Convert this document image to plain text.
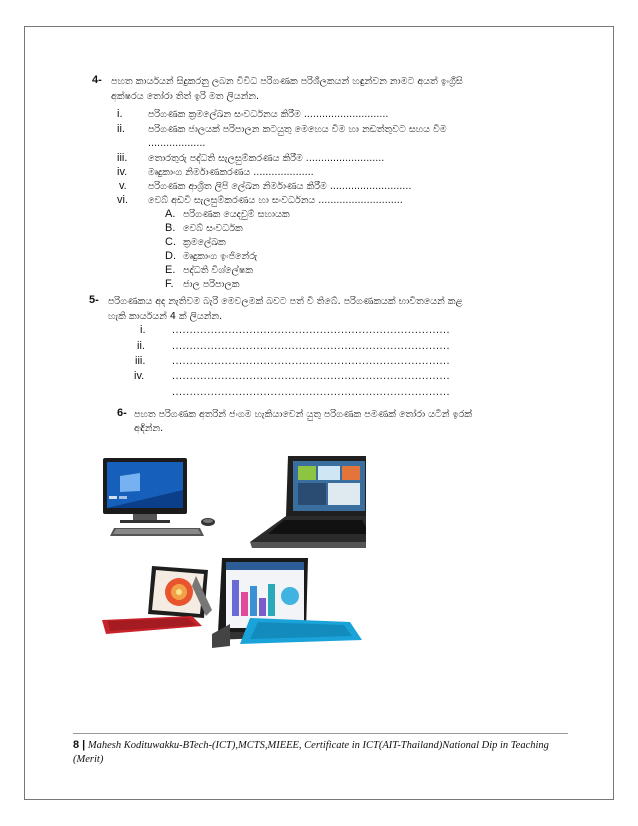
4- පහත කාර්යයන් සිදුකරනු ලබන විවිධ පරිගණක පරිශීලකයන් හඳුන්වන නාමට අයත් ඉංග්‍රීසි
අක්ෂරය තෝරා තිත් ඉරි මත ලියන්න.
i.	පරිගණක ක්‍රමලේඛන සංවර්ධනය කිරීම ............................
ii. පරිගණක ජාලයක් පරිපාලන කටයුතු මෙහෙය වීම හා නඩත්තුවට සහය වීම
...................
iii. තොරතුරු පද්ධති සැලසුම්කරණය කිරීම ..........................
iv. මෘදුකාංග නිර්මාණකරණය ....................
v. පරිගණක ආශ්‍රිත ලිපි ලේඛන නිර්මාණය කිරීම ...........................
vi. වෙබ් අඩවි සැලසුම්කරණය හා සංවර්ධනය ............................
A. පරිගණක යෙදවුම් සහායක
B. වෙබ් සංවර්ධක
C. ක්‍රමලේඛක
D. මෘදුකාංග ඉංජිනේරු
E. පද්ධති විශ්ලේෂක
F. ජාල පරිපාලක
5- පරිගණකය අද නැතිවම බැරි මෙවලමක් බවට පත් වී තිබේ. පරිගණකයක් භාවිතයෙන් කළ
හැකි කාර්යයන් 4 ක් ලියන්න.
i.	...............................................................................
ii.	...............................................................................
iii.	...............................................................................
iv.	...............................................................................
...............................................................................
6- පහත පරිගණක අතරින් ජංගම හැකියාවෙන් යුතු පරිගණක පමණක් තෝරා යටින් ඉරක්
අඳින්න.
8 | Mahesh Kodituwakku-BTech-(ICT),MCTS,MIEEE, Certificate in ICT(AIT-Thailand)National Dip in Teaching
(Merit)
